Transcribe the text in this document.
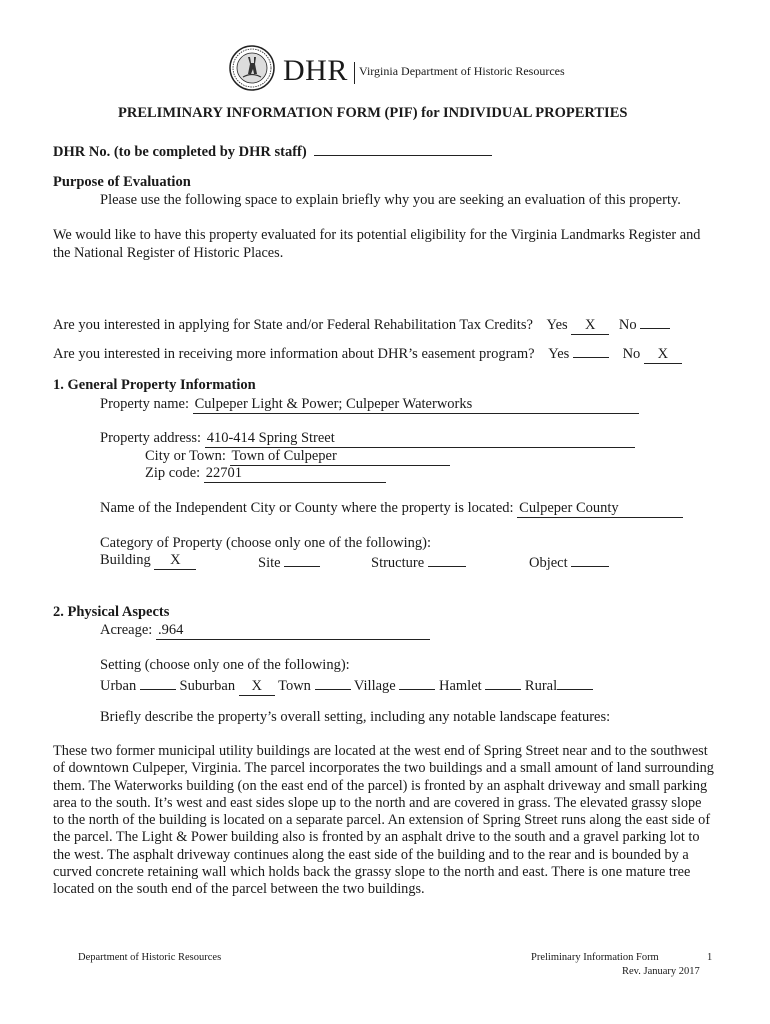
DHR Virginia Department of Historic Resources
PRELIMINARY INFORMATION FORM (PIF) for INDIVIDUAL PROPERTIES
DHR No. (to be completed by DHR staff)
Purpose of Evaluation
Please use the following space to explain briefly why you are seeking an evaluation of this property.
We would like to have this property evaluated for its potential eligibility for the Virginia Landmarks Register and the National Register of Historic Places.
Are you interested in applying for State and/or Federal Rehabilitation Tax Credits? Yes X No
Are you interested in receiving more information about DHR’s easement program? Yes	No X
1. General Property Information
Property name: Culpeper Light & Power; Culpeper Waterworks
Property address: 410-414 Spring Street
City or Town: Town of Culpeper
Zip code: 22701
Name of the Independent City or County where the property is located: Culpeper County
Category of Property (choose only one of the following):
Building X	Site	Structure	Object
2. Physical Aspects
Acreage: .964
Setting (choose only one of the following):
Urban	Suburban X Town	Village	Hamlet	Rural
Briefly describe the property’s overall setting, including any notable landscape features:
These two former municipal utility buildings are located at the west end of Spring Street near and to the southwest of downtown Culpeper, Virginia. The parcel incorporates the two buildings and a small amount of land surrounding them. The Waterworks building (on the east end of the parcel) is fronted by an asphalt driveway and small parking area to the south. It’s west and east sides slope up to the north and are covered in grass. The elevated grassy slope to the north of the building is located on a separate parcel. An extension of Spring Street runs along the east side of the parcel. The Light & Power building also is fronted by an asphalt drive to the south and a gravel parking lot to the west. The asphalt driveway continues along the east side of the building and to the rear and is bounded by a curved concrete retaining wall which holds back the grassy slope to the north and east. There is one mature tree located on the south end of the parcel between the two buildings.
Department of Historic Resources	Preliminary Information Form	1
Rev. January 2017
